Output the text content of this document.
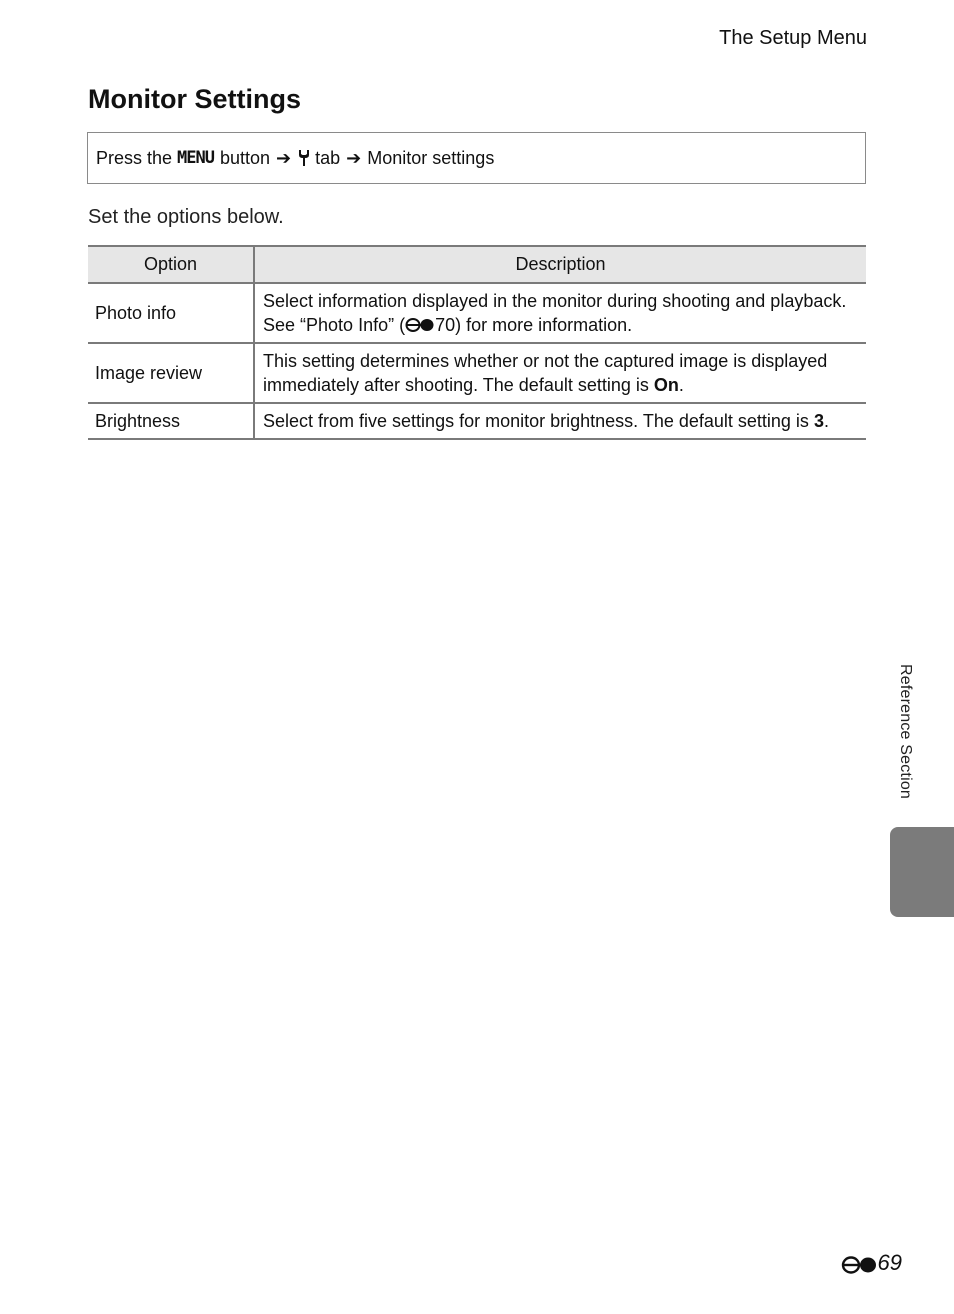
The Setup Menu
Monitor Settings
Press the MENU button ➔ tab ➔ Monitor settings
Set the options below.
Option	Description
Photo info	Select information displayed in the monitor during shooting and playback. See “Photo Info” ( 70) for more information.
Image review	This setting determines whether or not the captured image is displayed immediately after shooting. The default setting is On.
Brightness	Select from five settings for monitor brightness. The default setting is 3.
Reference Section
69
